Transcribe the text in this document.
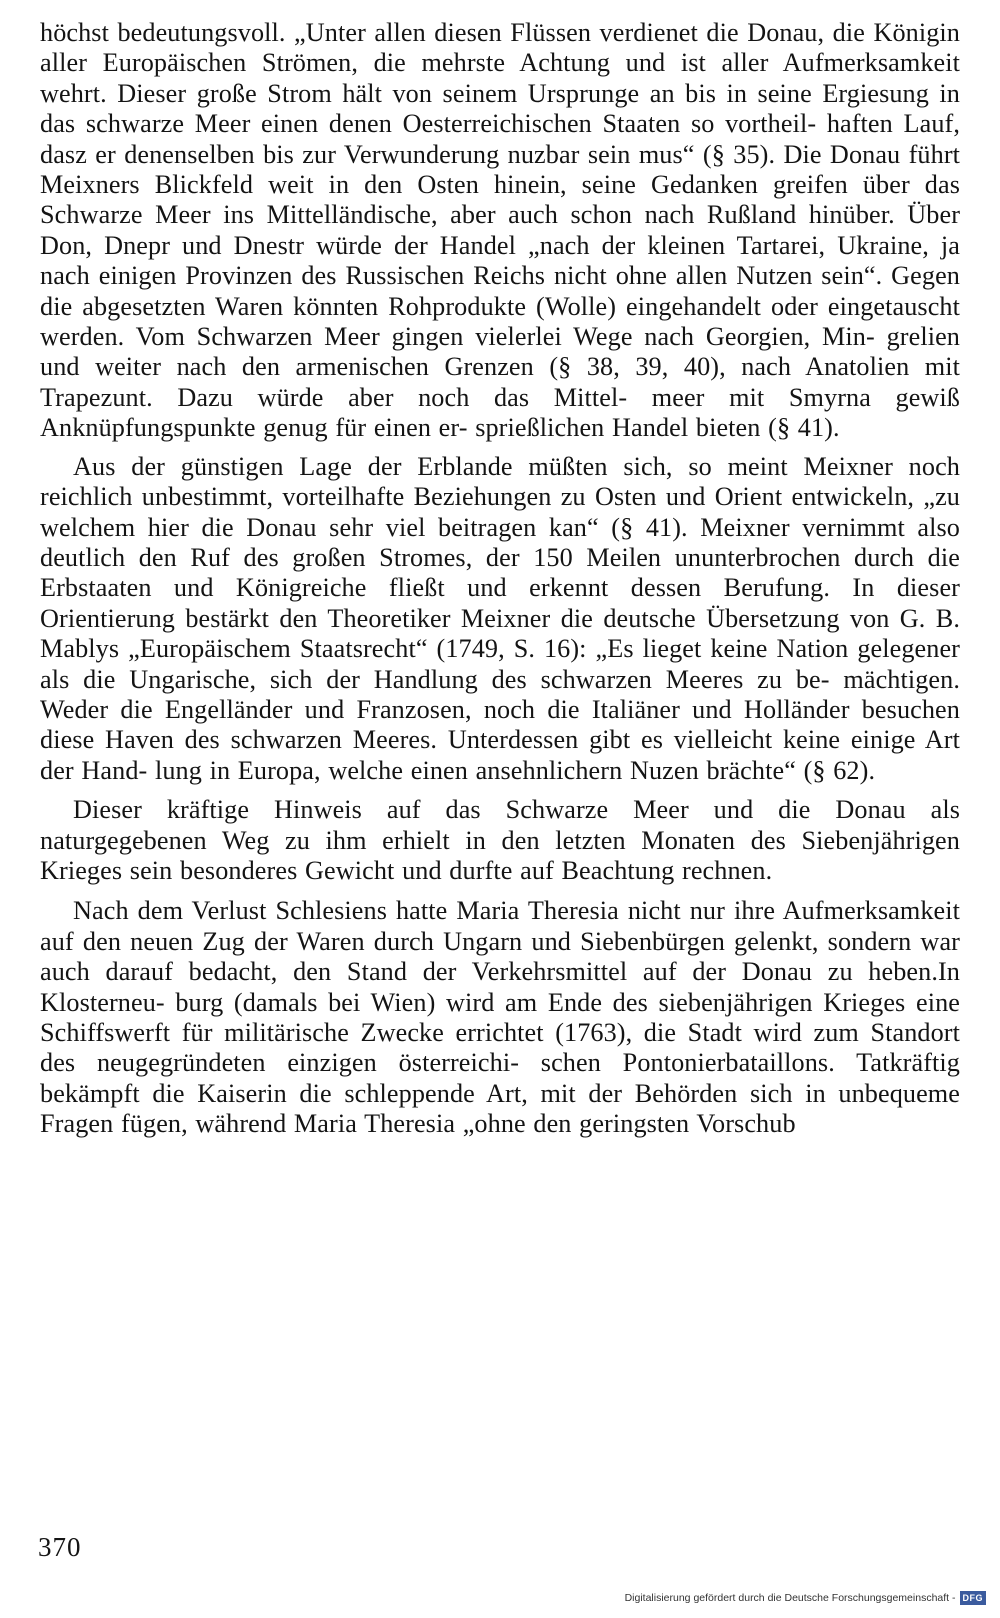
höchst bedeutungsvoll. „Unter allen diesen Flüssen verdienet die Donau, die Königin aller Europäischen Strömen, die mehrste Achtung und ist aller Aufmerksamkeit wehrt. Dieser große Strom hält von seinem Ursprunge an bis in seine Ergiesung in das schwarze Meer einen denen Oesterreichischen Staaten so vortheil- haften Lauf, dasz er denenselben bis zur Verwunderung nuzbar sein mus“ (§ 35). Die Donau führt Meixners Blickfeld weit in den Osten hinein, seine Gedanken greifen über das Schwarze Meer ins Mittelländische, aber auch schon nach Rußland hinüber. Über Don, Dnepr und Dnestr würde der Handel „nach der kleinen Tartarei, Ukraine, ja nach einigen Provinzen des Russischen Reichs nicht ohne allen Nutzen sein“. Gegen die abgesetzten Waren könnten Rohprodukte (Wolle) eingehandelt oder eingetauscht werden. Vom Schwarzen Meer gingen vielerlei Wege nach Georgien, Min- grelien und weiter nach den armenischen Grenzen (§ 38, 39, 40), nach Anatolien mit Trapezunt. Dazu würde aber noch das Mittel- meer mit Smyrna gewiß Anknüpfungspunkte genug für einen er- sprießlichen Handel bieten (§ 41).

Aus der günstigen Lage der Erblande müßten sich, so meint Meixner noch reichlich unbestimmt, vorteilhafte Beziehungen zu Osten und Orient entwickeln, „zu welchem hier die Donau sehr viel beitragen kan“ (§ 41). Meixner vernimmt also deutlich den Ruf des großen Stromes, der 150 Meilen ununterbrochen durch die Erbstaaten und Königreiche fließt und erkennt dessen Berufung. In dieser Orientierung bestärkt den Theoretiker Meixner die deutsche Übersetzung von G. B. Mablys „Europäischem Staatsrecht“ (1749, S. 16): „Es lieget keine Nation gelegener als die Ungarische, sich der Handlung des schwarzen Meeres zu be- mächtigen. Weder die Engelländer und Franzosen, noch die Italiäner und Holländer besuchen diese Haven des schwarzen Meeres. Unterdessen gibt es vielleicht keine einige Art der Hand- lung in Europa, welche einen ansehnlichern Nuzen brächte“ (§ 62).

Dieser kräftige Hinweis auf das Schwarze Meer und die Donau als naturgegebenen Weg zu ihm erhielt in den letzten Monaten des Siebenjährigen Krieges sein besonderes Gewicht und durfte auf Beachtung rechnen.

Nach dem Verlust Schlesiens hatte Maria Theresia nicht nur ihre Aufmerksamkeit auf den neuen Zug der Waren durch Ungarn und Siebenbürgen gelenkt, sondern war auch darauf bedacht, den Stand der Verkehrsmittel auf der Donau zu heben.In Klosterneu- burg (damals bei Wien) wird am Ende des siebenjährigen Krieges eine Schiffswerft für militärische Zwecke errichtet (1763), die Stadt wird zum Standort des neugegründeten einzigen österreichi- schen Pontonierbataillons. Tatkräftig bekämpft die Kaiserin die schleppende Art, mit der Behörden sich in unbequeme Fragen fügen, während Maria Theresia „ohne den geringsten Vorschub

370
Digitalisierung gefördert durch die Deutsche Forschungsgemeinschaft - DFG
